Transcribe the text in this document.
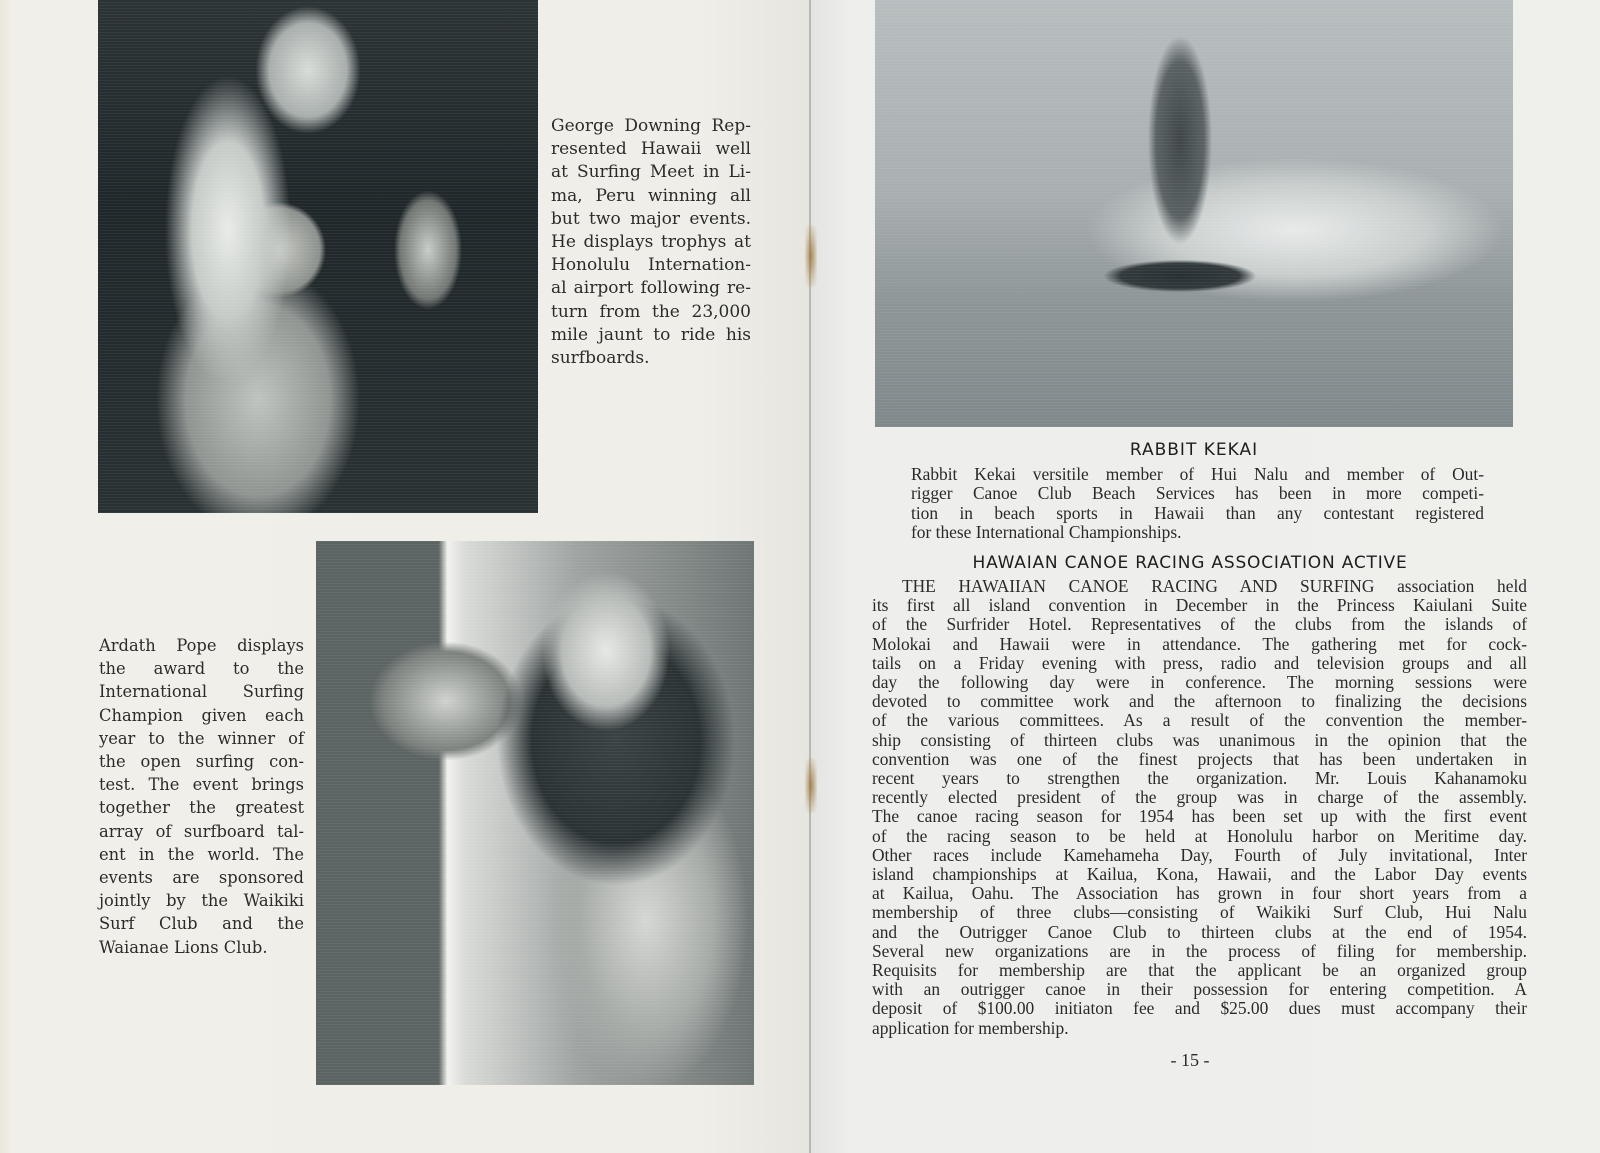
George Downing Rep-
resented Hawaii well
at Surfing Meet in Li-
ma, Peru winning all
but two major events.
He displays trophys at
Honolulu Internation-
al airport following re-
turn from the 23,000
mile jaunt to ride his
surfboards.
Ardath Pope displays
the award to the
International Surfing
Champion given each
year to the winner of
the open surfing con-
test. The event brings
together the greatest
array of surfboard tal-
ent in the world. The
events are sponsored
jointly by the Waikiki
Surf Club and the
Waianae Lions Club.
RABBIT KEKAI
Rabbit Kekai versitile member of Hui Nalu and member of Out-
rigger Canoe Club Beach Services has been in more competi-
tion in beach sports in Hawaii than any contestant registered
for these International Championships.
HAWAIAN CANOE RACING ASSOCIATION ACTIVE
THE HAWAIIAN CANOE RACING AND SURFING association held
its first all island convention in December in the Princess Kaiulani Suite
of the Surfrider Hotel. Representatives of the clubs from the islands of
Molokai and Hawaii were in attendance. The gathering met for cock-
tails on a Friday evening with press, radio and television groups and all
day the following day were in conference. The morning sessions were
devoted to committee work and the afternoon to finalizing the decisions
of the various committees. As a result of the convention the member-
ship consisting of thirteen clubs was unanimous in the opinion that the
convention was one of the finest projects that has been undertaken in
recent years to strengthen the organization. Mr. Louis Kahanamoku
recently elected president of the group was in charge of the assembly.
The canoe racing season for 1954 has been set up with the first event
of the racing season to be held at Honolulu harbor on Meritime day.
Other races include Kamehameha Day, Fourth of July invitational, Inter
island championships at Kailua, Kona, Hawaii, and the Labor Day events
at Kailua, Oahu. The Association has grown in four short years from a
membership of three clubs—consisting of Waikiki Surf Club, Hui Nalu
and the Outrigger Canoe Club to thirteen clubs at the end of 1954.
Several new organizations are in the process of filing for membership.
Requisits for membership are that the applicant be an organized group
with an outrigger canoe in their possession for entering competition. A
deposit of $100.00 initiaton fee and $25.00 dues must accompany their
application for membership.
- 15 -
